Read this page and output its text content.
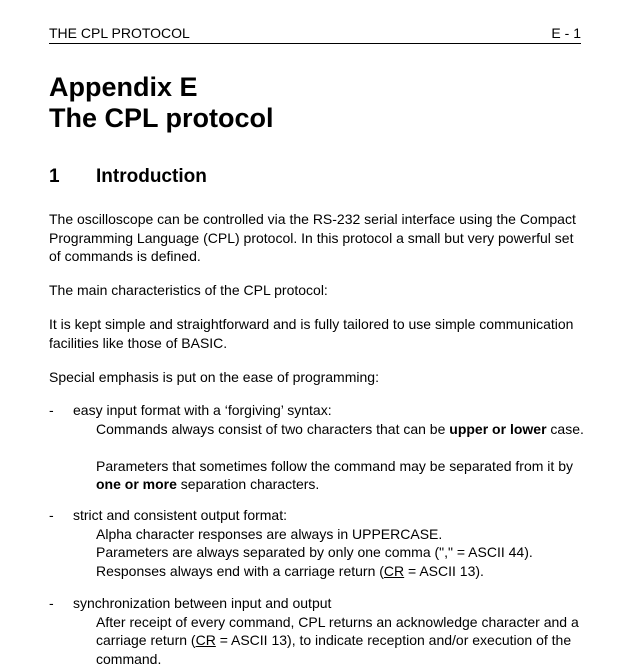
THE CPL PROTOCOL	E - 1
Appendix E
The CPL protocol
1 Introduction

The oscilloscope can be controlled via the RS-232 serial interface using the Compact Programming Language (CPL) protocol. In this protocol a small but very powerful set of commands is defined.

The main characteristics of the CPL protocol:

It is kept simple and straightforward and is fully tailored to use simple communication facilities like those of BASIC.

Special emphasis is put on the ease of programming:

- easy input format with a ‘forgiving’ syntax:
Commands always consist of two characters that can be upper or lower case.
Parameters that sometimes follow the command may be separated from it by one or more separation characters.
- strict and consistent output format:
Alpha character responses are always in UPPERCASE.
Parameters are always separated by only one comma ("," = ASCII 44).
Responses always end with a carriage return (CR = ASCII 13).
- synchronization between input and output
After receipt of every command, CPL returns an acknowledge character and a carriage return (CR = ASCII 13), to indicate reception and/or execution of the command.
